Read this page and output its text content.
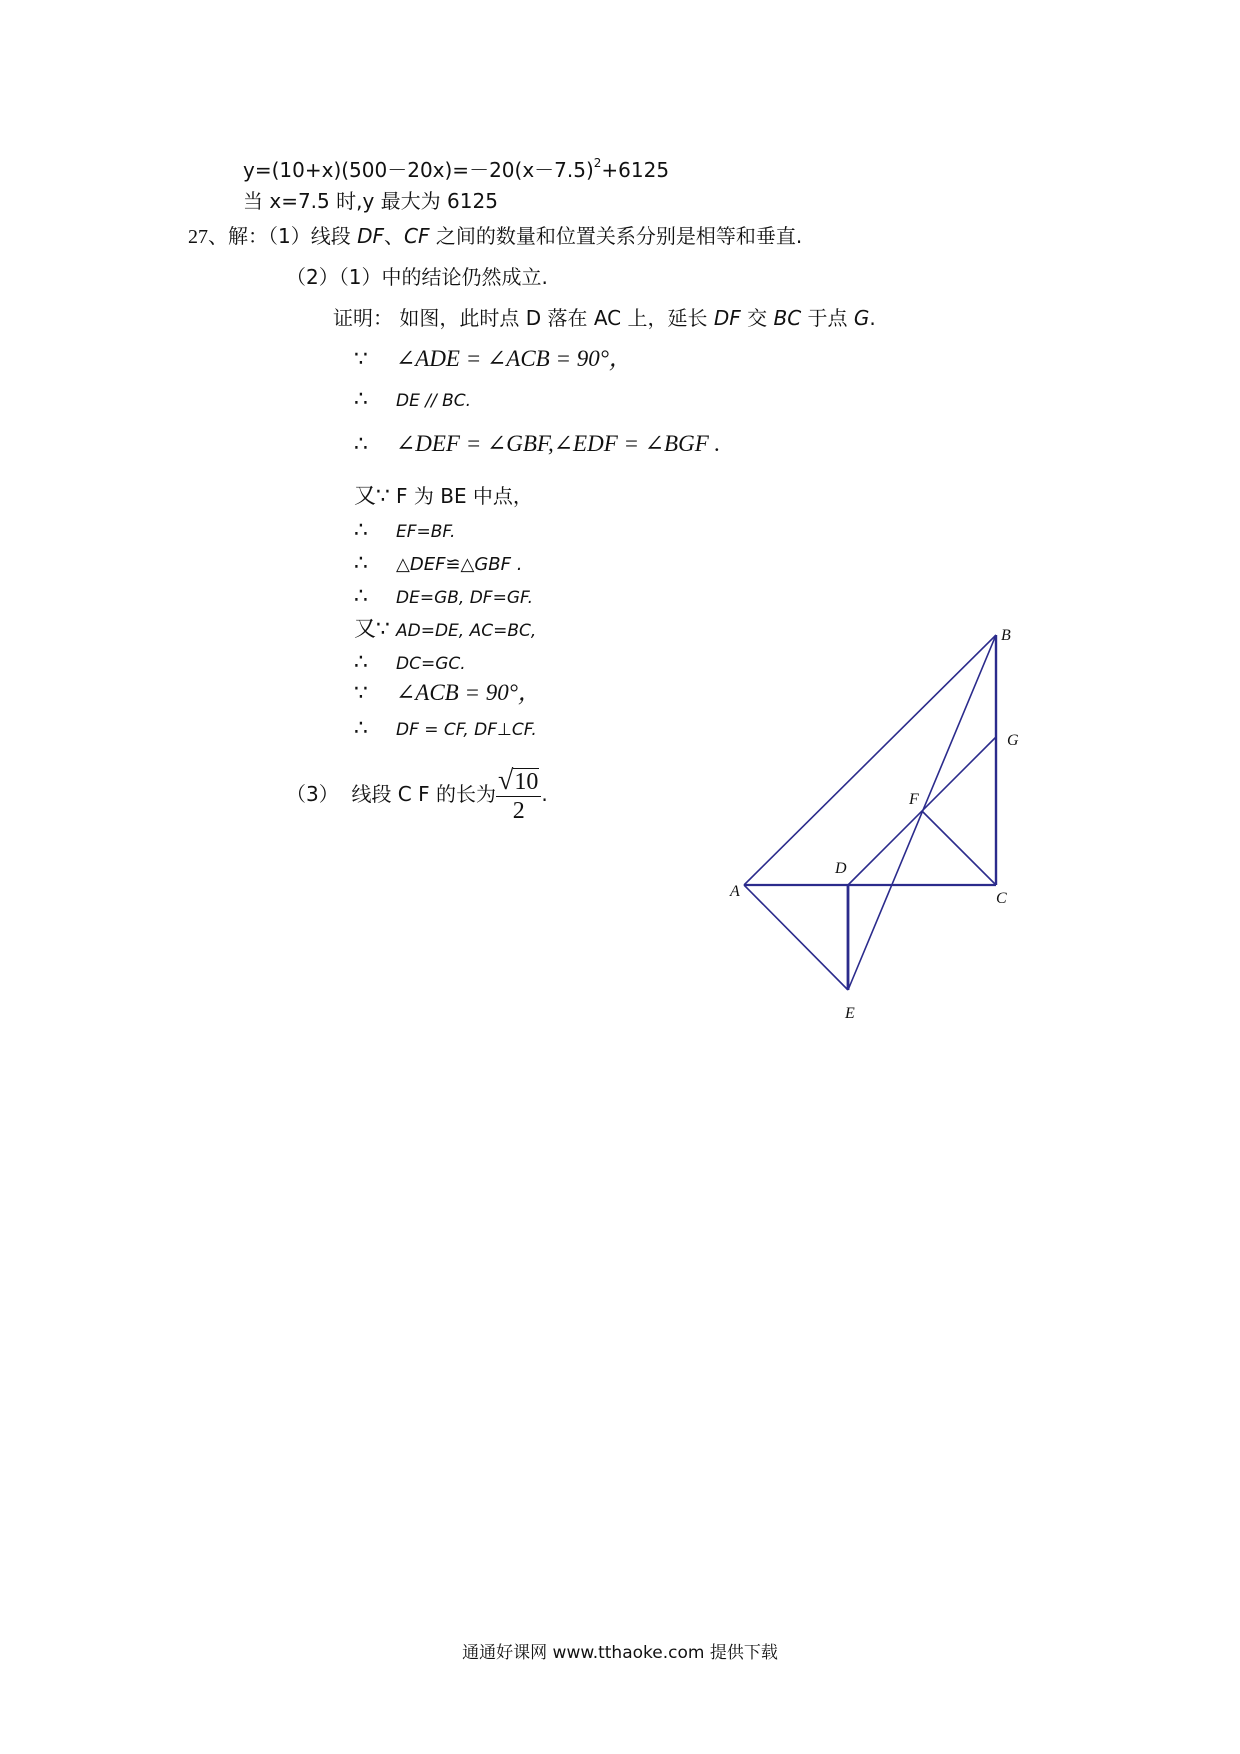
$y=(10+x)(500-20x)=-20(x-7.5)^2+6125$
当 x=7.5 时,y 最大为 6125
27、解：（1）线段 DF、CF 之间的数量和位置关系分别是相等和垂直.
（2）（1）中的结论仍然成立.
证明： 如图，此时点 D 落在 AC 上，延长 DF 交 BC 于点 G.
∵ ∠ADE = ∠ACB = 90°，
∴ DE // BC.
∴ ∠DEF = ∠GBF,∠EDF = ∠BGF .
又∵ F 为 BE 中点，
∴ EF=BF.
∴ △DEF≌△GBF .
∴ DE=GB, DF=GF.
又∵ AD=DE, AC=BC,
∴ DC=GC.
∵ ∠ACB = 90°，
∴ DF = CF, DF⊥CF.
（3） 线段 C F 的长为 $\frac{√10}{2}$ .
A
B
C
D
E
F
G
通通好课网 www.tthaoke.com 提供下载
